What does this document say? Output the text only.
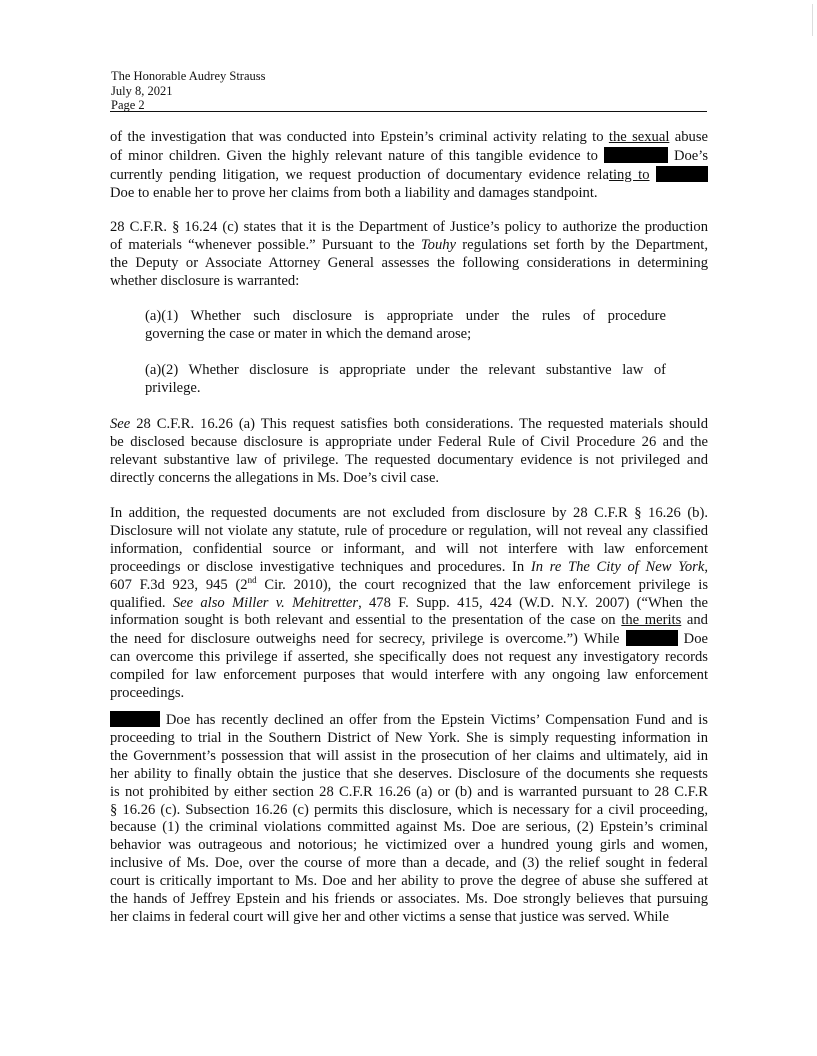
The Honorable Audrey Strauss
July 8, 2021
Page 2
of the investigation that was conducted into Epstein’s criminal activity relating to the sexual abuse
of minor children. Given the highly relevant nature of this tangible evidence to	Doe’s
currently pending litigation, we request production of documentary evidence relating to
Doe to enable her to prove her claims from both a liability and damages standpoint.
28 C.F.R. § 16.24 (c) states that it is the Department of Justice’s policy to authorize the production
of materials “whenever possible.” Pursuant to the Touhy regulations set forth by the Department,
the Deputy or Associate Attorney General assesses the following considerations in determining
whether disclosure is warranted:
(a)(1) Whether such disclosure is appropriate under the rules of procedure
governing the case or mater in which the demand arose;
(a)(2) Whether disclosure is appropriate under the relevant substantive law of
privilege.
See 28 C.F.R. 16.26 (a) This request satisfies both considerations. The requested materials should
be disclosed because disclosure is appropriate under Federal Rule of Civil Procedure 26 and the
relevant substantive law of privilege. The requested documentary evidence is not privileged and
directly concerns the allegations in Ms. Doe’s civil case.
In addition, the requested documents are not excluded from disclosure by 28 C.F.R § 16.26 (b).
Disclosure will not violate any statute, rule of procedure or regulation, will not reveal any classified
information, confidential source or informant, and will not interfere with law enforcement
proceedings or disclose investigative techniques and procedures. In In re The City of New York,
607 F.3d 923, 945 (2nd Cir. 2010), the court recognized that the law enforcement privilege is
qualified. See also Miller v. Mehitretter, 478 F. Supp. 415, 424 (W.D. N.Y. 2007) (“When the
information sought is both relevant and essential to the presentation of the case on the merits and
the need for disclosure outweighs need for secrecy, privilege is overcome.”) While	Doe
can overcome this privilege if asserted, she specifically does not request any investigatory records
compiled for law enforcement purposes that would interfere with any ongoing law enforcement
proceedings.
Doe has recently declined an offer from the Epstein Victims’ Compensation Fund and is
proceeding to trial in the Southern District of New York. She is simply requesting information in
the Government’s possession that will assist in the prosecution of her claims and ultimately, aid in
her ability to finally obtain the justice that she deserves. Disclosure of the documents she requests
is not prohibited by either section 28 C.F.R 16.26 (a) or (b) and is warranted pursuant to 28 C.F.R
§ 16.26 (c). Subsection 16.26 (c) permits this disclosure, which is necessary for a civil proceeding,
because (1) the criminal violations committed against Ms. Doe are serious, (2) Epstein’s criminal
behavior was outrageous and notorious; he victimized over a hundred young girls and women,
inclusive of Ms. Doe, over the course of more than a decade, and (3) the relief sought in federal
court is critically important to Ms. Doe and her ability to prove the degree of abuse she suffered at
the hands of Jeffrey Epstein and his friends or associates. Ms. Doe strongly believes that pursuing
her claims in federal court will give her and other victims a sense that justice was served. While
